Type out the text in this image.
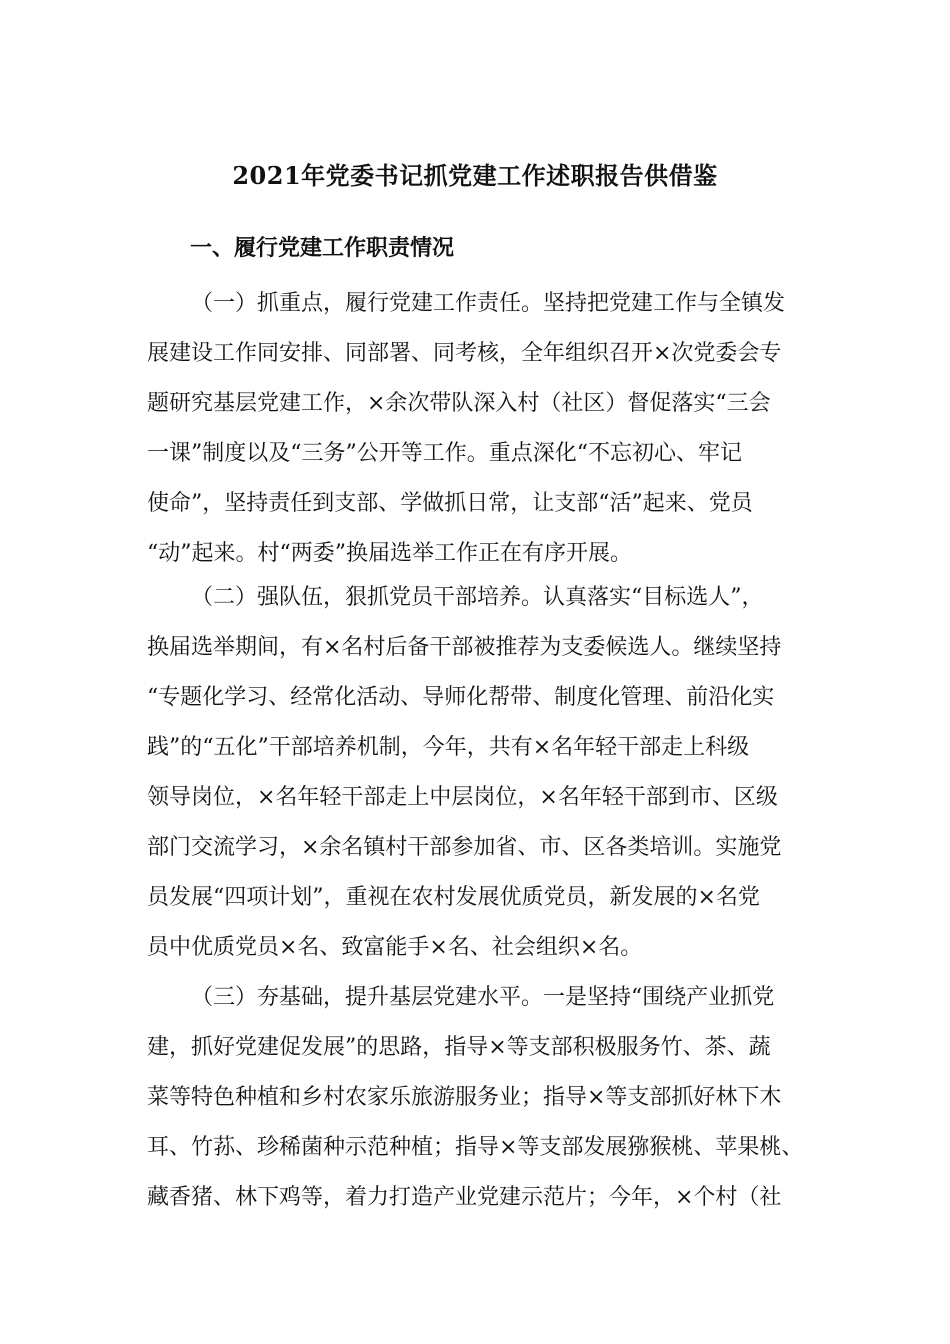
2021年党委书记抓党建工作述职报告供借鉴
一、履行党建工作职责情况
（一）抓重点，履行党建工作责任。坚持把党建工作与全镇发
展建设工作同安排、同部署、同考核，全年组织召开×次党委会专
题研究基层党建工作，×余次带队深入村（社区）督促落实“三会
一课”制度以及“三务”公开等工作。重点深化“不忘初心、牢记
使命”，坚持责任到支部、学做抓日常，让支部“活”起来、党员
“动”起来。村“两委”换届选举工作正在有序开展。
（二）强队伍，狠抓党员干部培养。认真落实“目标选人”，
换届选举期间，有×名村后备干部被推荐为支委候选人。继续坚持
“专题化学习、经常化活动、导师化帮带、制度化管理、前沿化实
践”的“五化”干部培养机制，今年，共有×名年轻干部走上科级
领导岗位，×名年轻干部走上中层岗位，×名年轻干部到市、区级
部门交流学习，×余名镇村干部参加省、市、区各类培训。实施党
员发展“四项计划”，重视在农村发展优质党员，新发展的×名党
员中优质党员×名、致富能手×名、社会组织×名。
（三）夯基础，提升基层党建水平。一是坚持“围绕产业抓党
建，抓好党建促发展”的思路，指导×等支部积极服务竹、茶、蔬
菜等特色种植和乡村农家乐旅游服务业；指导×等支部抓好林下木
耳、竹荪、珍稀菌种示范种植；指导×等支部发展猕猴桃、苹果桃、
藏香猪、林下鸡等，着力打造产业党建示范片；今年，×个村（社
